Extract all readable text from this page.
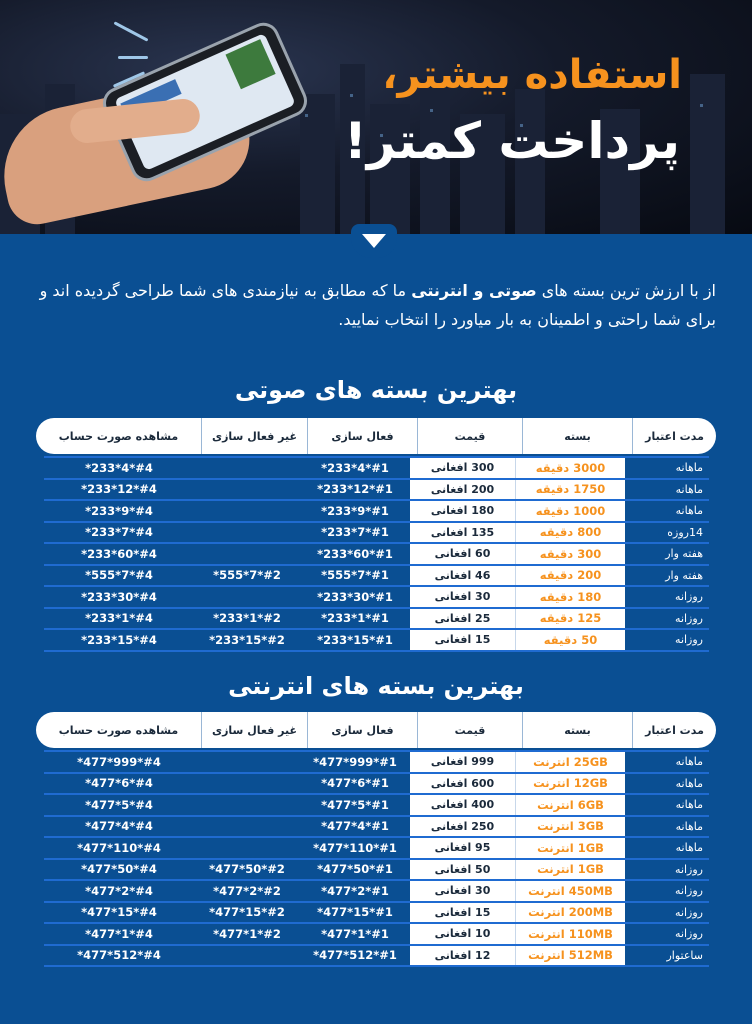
استفاده بیشتر،
پرداخت کمتر!
از با ارزش ترین بسته های صوتی و انترنتی ما که مطابق به نیازمندی های شما طراحی گردیده اند و برای شما راحتی و اطمینان به بار میاورد را انتخاب نمایید.
بهترین بسته های صوتی
مدت اعتبار
بسته
قیمت
فعال سازی
غیر فعال سازی
مشاهده صورت حساب
ماهانه
3000 دقیقه
300 افغانی
#1*4*233*
#4*4*233*
ماهانه
1750 دقیقه
200 افغانی
#1*12*233*
#4*12*233*
ماهانه
1000 دقیقه
180 افغانی
#1*9*233*
#4*9*233*
14روزه
800 دقیقه
135 افغانی
#1*7*233*
#4*7*233*
هفته وار
300 دقیقه
60 افغانی
#1*60*233*
#4*60*233*
هفته وار
200 دقیقه
46 افغانی
#1*7*555*
#2*7*555*
#4*7*555*
روزانه
180 دقیقه
30 افغانی
#1*30*233*
#4*30*233*
روزانه
125 دقیقه
25 افغانی
#1*1*233*
#2*1*233*
#4*1*233*
روزانه
50 دقیقه
15 افغانی
#1*15*233*
#2*15*233*
#4*15*233*
بهترین بسته های انترنتی
مدت اعتبار
بسته
قیمت
فعال سازی
غیر فعال سازی
مشاهده صورت حساب
ماهانه
25GB انترنت
999 افغانی
#1*999*477*
#4*999*477*
ماهانه
12GB انترنت
600 افغانی
#1*6*477*
#4*6*477*
ماهانه
6GB انترنت
400 افغانی
#1*5*477*
#4*5*477*
ماهانه
3GB انترنت
250 افغانی
#1*4*477*
#4*4*477*
ماهانه
1GB انترنت
95 افغانی
#1*110*477*
#4*110*477*
روزانه
1GB انترنت
50 افغانی
#1*50*477*
#2*50*477*
#4*50*477*
روزانه
450MB انترنت
30 افغانی
#1*2*477*
#2*2*477*
#4*2*477*
روزانه
200MB انترنت
15 افغانی
#1*15*477*
#2*15*477*
#4*15*477*
روزانه
110MB انترنت
10 افغانی
#1*1*477*
#2*1*477*
#4*1*477*
ساعتوار
512MB انترنت
12 افغانی
#1*512*477*
#4*512*477*
